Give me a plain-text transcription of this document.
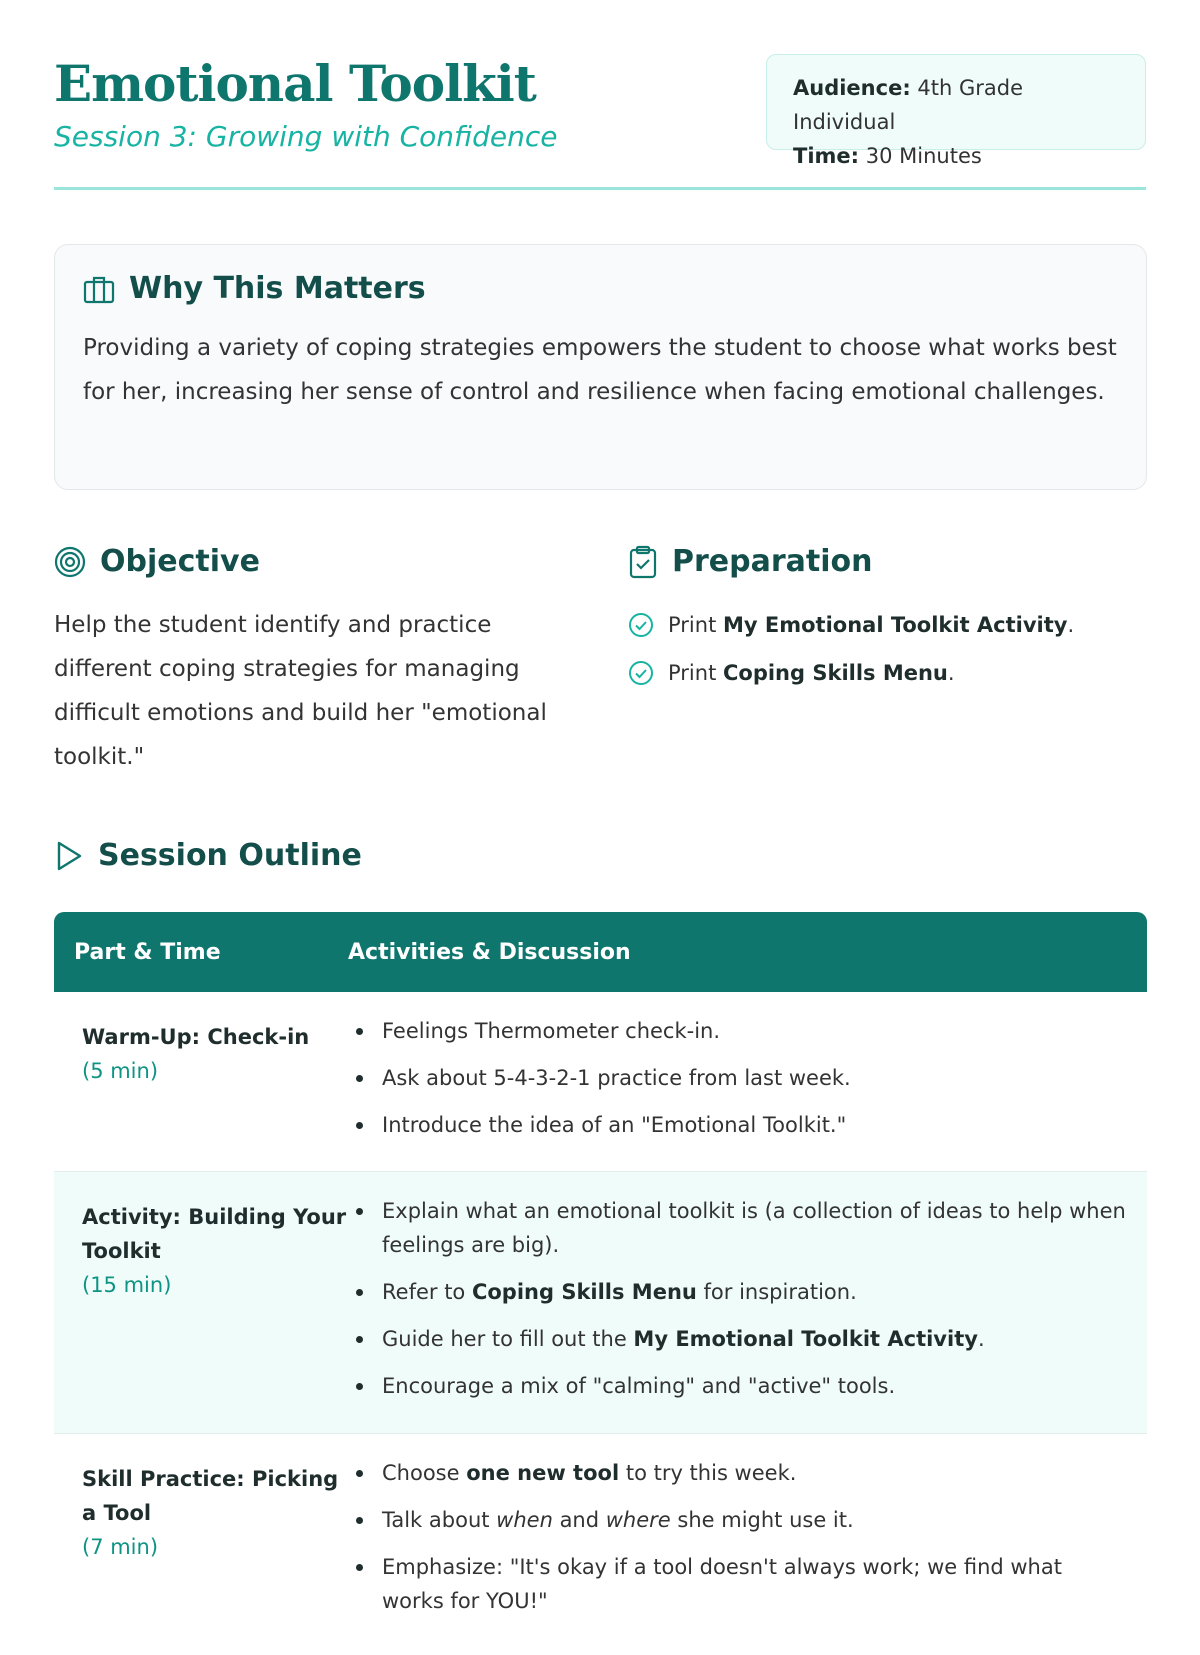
Emotional Toolkit
Session 3: Growing with Confidence
Audience: 4th Grade Individual
Time: 30 Minutes
Why This Matters

Providing a variety of coping strategies empowers the student to choose what works best for her, increasing her sense of control and resilience when facing emotional challenges.

Objective

Help the student identify and practice different coping strategies for managing difficult emotions and build her "emotional toolkit."

Preparation
Print My Emotional Toolkit Activity.
Print Coping Skills Menu.
Session Outline
Part & Time	Activities & Discussion
Warm-Up: Check-in
(5 min)
Feelings Thermometer check-in.
Ask about 5-4-3-2-1 practice from last week.
Introduce the idea of an "Emotional Toolkit."
Activity: Building Your Toolkit
(15 min)
Explain what an emotional toolkit is (a collection of ideas to help when feelings are big).
Refer to Coping Skills Menu for inspiration.
Guide her to fill out the My Emotional Toolkit Activity.
Encourage a mix of "calming" and "active" tools.
Skill Practice: Picking a Tool
(7 min)
Choose one new tool to try this week.
Talk about when and where she might use it.
Emphasize: "It's okay if a tool doesn't always work; we find what works for YOU!"
